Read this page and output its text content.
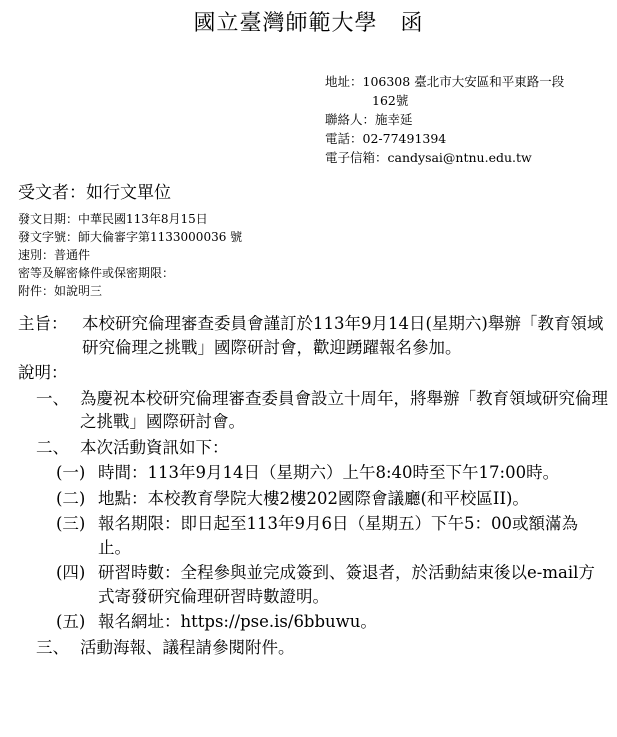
國立臺灣師範大學　函
地址：106308 臺北市大安區和平東路一段
162號
聯絡人：施幸延
電話：02-77491394
電子信箱：candysai@ntnu.edu.tw
受文者：如行文單位
發文日期：中華民國113年8月15日
發文字號：師大倫審字第1133000036 號
速別：普通件
密等及解密條件或保密期限：
附件：如說明三
主旨： 本校研究倫理審查委員會謹訂於113年9月14日(星期六)舉辦「教育領域研究倫理之挑戰」國際研討會，歡迎踴躍報名參加。
說明：
一、 為慶祝本校研究倫理審查委員會設立十周年，將舉辦「教育領域研究倫理之挑戰」國際研討會。
二、 本次活動資訊如下：
(一) 時間：113年9月14日（星期六）上午8:40時至下午17:00時。
(二) 地點：本校教育學院大樓2樓202國際會議廳(和平校區II)。
(三) 報名期限：即日起至113年9月6日（星期五）下午5：00或額滿為止。
(四) 研習時數：全程參與並完成簽到、簽退者，於活動結束後以e-mail方式寄發研究倫理研習時數證明。
(五) 報名網址：https://pse.is/6bbuwu。
三、 活動海報、議程請參閱附件。
